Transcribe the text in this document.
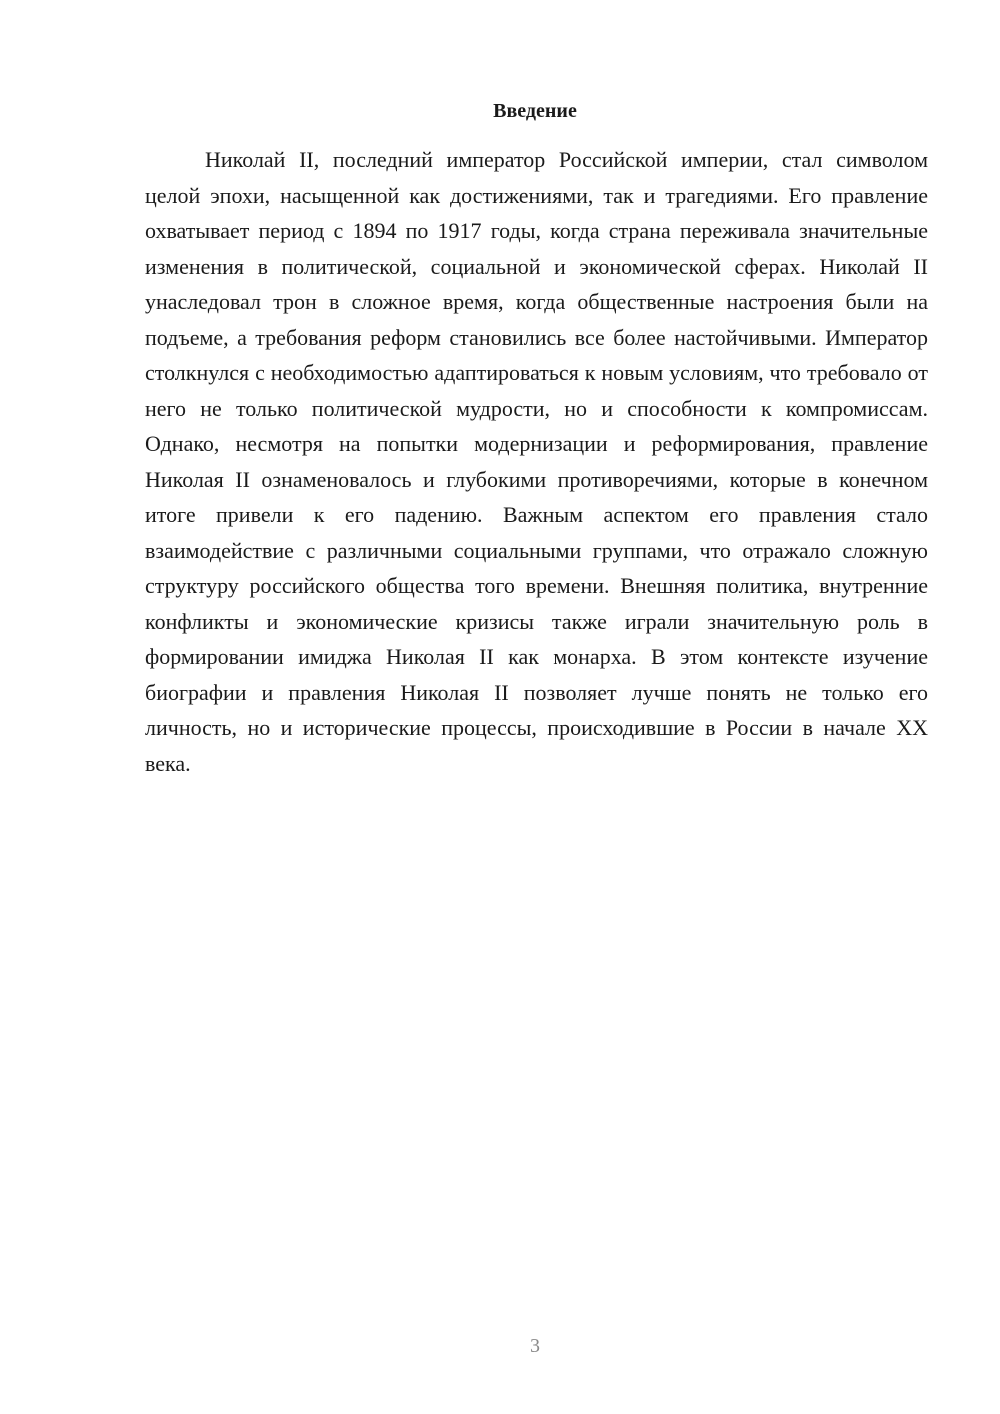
Введение

Николай II, последний император Российской империи, стал символом целой эпохи, насыщенной как достижениями, так и трагедиями. Его правление охватывает период с 1894 по 1917 годы, когда страна переживала значительные изменения в политической, социальной и экономической сферах. Николай II унаследовал трон в сложное время, когда общественные настроения были на подъеме, а требования реформ становились все более настойчивыми. Император столкнулся с необходимостью адаптироваться к новым условиям, что требовало от него не только политической мудрости, но и способности к компромиссам. Однако, несмотря на попытки модернизации и реформирования, правление Николая II ознаменовалось и глубокими противоречиями, которые в конечном итоге привели к его падению. Важным аспектом его правления стало взаимодействие с различными социальными группами, что отражало сложную структуру российского общества того времени. Внешняя политика, внутренние конфликты и экономические кризисы также играли значительную роль в формировании имиджа Николая II как монарха. В этом контексте изучение биографии и правления Николая II позволяет лучше понять не только его личность, но и исторические процессы, происходившие в России в начале XX века.

3
